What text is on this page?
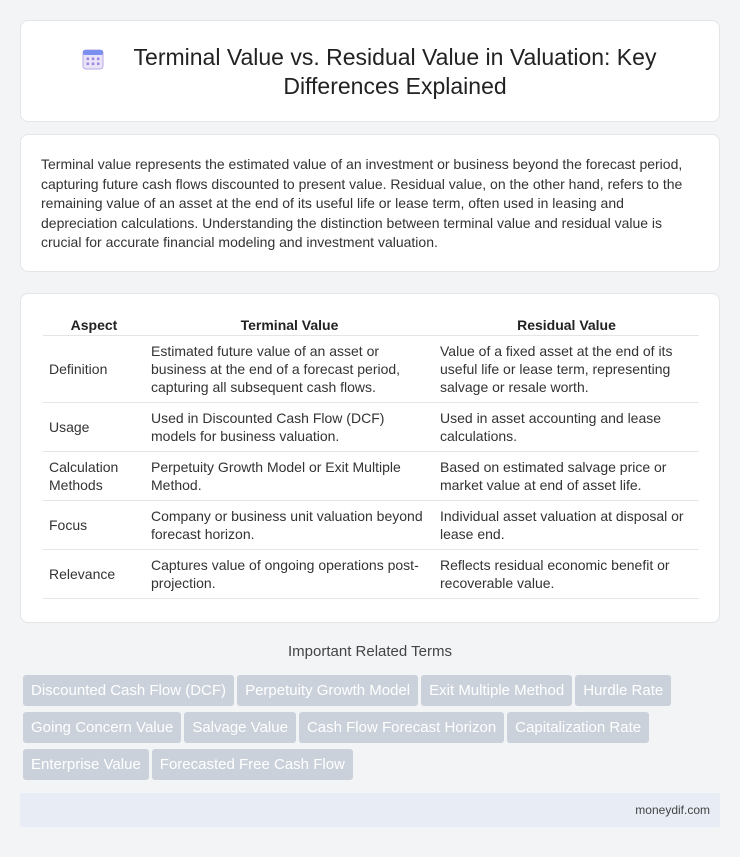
Terminal Value vs. Residual Value in Valuation: Key Differences Explained

Terminal value represents the estimated value of an investment or business beyond the forecast period, capturing future cash flows discounted to present value. Residual value, on the other hand, refers to the remaining value of an asset at the end of its useful life or lease term, often used in leasing and depreciation calculations. Understanding the distinction between terminal value and residual value is crucial for accurate financial modeling and investment valuation.

Aspect	Terminal Value	Residual Value
Definition	Estimated future value of an asset or business at the end of a forecast period, capturing all subsequent cash flows.	Value of a fixed asset at the end of its useful life or lease term, representing salvage or resale worth.
Usage	Used in Discounted Cash Flow (DCF) models for business valuation.	Used in asset accounting and lease calculations.
Calculation Methods	Perpetuity Growth Model or Exit Multiple Method.	Based on estimated salvage price or market value at end of asset life.
Focus	Company or business unit valuation beyond forecast horizon.	Individual asset valuation at disposal or lease end.
Relevance	Captures value of ongoing operations post-projection.	Reflects residual economic benefit or recoverable value.
Important Related Terms
Discounted Cash Flow (DCF)	Perpetuity Growth Model	Exit Multiple Method	Hurdle Rate
Going Concern Value	Salvage Value	Cash Flow Forecast Horizon	Capitalization Rate
Enterprise Value	Forecasted Free Cash Flow
moneydif.com
